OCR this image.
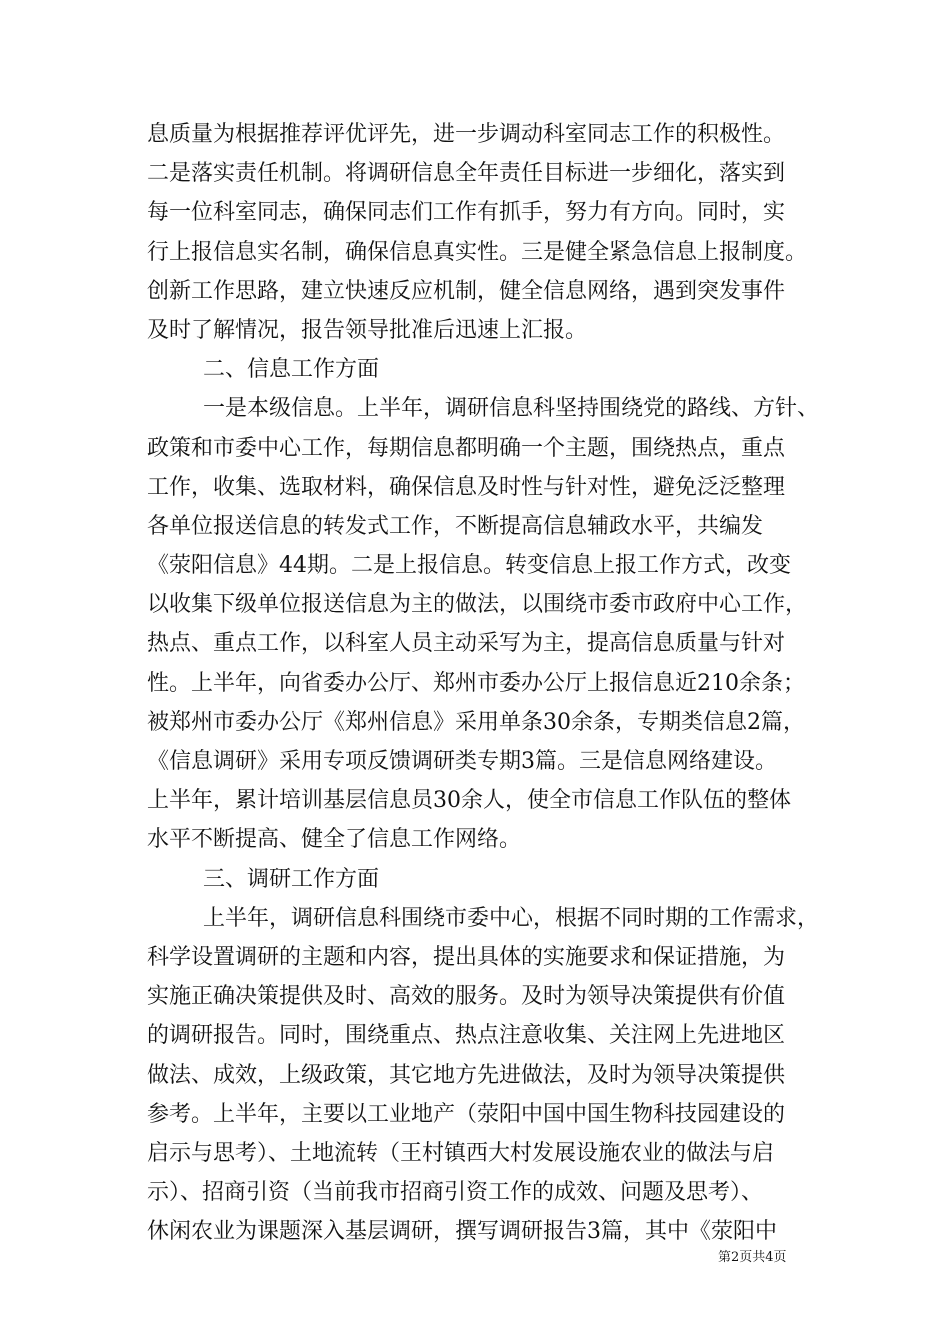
息质量为根据推荐评优评先，进一步调动科室同志工作的积极性。
二是落实责任机制。将调研信息全年责任目标进一步细化，落实到
每一位科室同志，确保同志们工作有抓手，努力有方向。同时，实
行上报信息实名制，确保信息真实性。三是健全紧急信息上报制度。
创新工作思路，建立快速反应机制，健全信息网络，遇到突发事件
及时了解情况，报告领导批准后迅速上汇报。
二、信息工作方面
一是本级信息。上半年，调研信息科坚持围绕党的路线、方针、
政策和市委中心工作，每期信息都明确一个主题，围绕热点，重点
工作，收集、选取材料，确保信息及时性与针对性，避免泛泛整理
各单位报送信息的转发式工作，不断提高信息辅政水平，共编发
《荥阳信息》44期。二是上报信息。转变信息上报工作方式，改变
以收集下级单位报送信息为主的做法，以围绕市委市政府中心工作，
热点、重点工作，以科室人员主动采写为主，提高信息质量与针对
性。上半年，向省委办公厅、郑州市委办公厅上报信息近210余条；
被郑州市委办公厅《郑州信息》采用单条30余条，专期类信息2篇，
《信息调研》采用专项反馈调研类专期3篇。三是信息网络建设。
上半年，累计培训基层信息员30余人，使全市信息工作队伍的整体
水平不断提高、健全了信息工作网络。
三、调研工作方面
上半年，调研信息科围绕市委中心，根据不同时期的工作需求，
科学设置调研的主题和内容，提出具体的实施要求和保证措施，为
实施正确决策提供及时、高效的服务。及时为领导决策提供有价值
的调研报告。同时，围绕重点、热点注意收集、关注网上先进地区
做法、成效，上级政策，其它地方先进做法，及时为领导决策提供
参考。上半年，主要以工业地产（荥阳中国中国生物科技园建设的
启示与思考）、土地流转（王村镇西大村发展设施农业的做法与启
示）、招商引资（当前我市招商引资工作的成效、问题及思考）、
休闲农业为课题深入基层调研，撰写调研报告3篇，其中《荥阳中
第2页共4页
